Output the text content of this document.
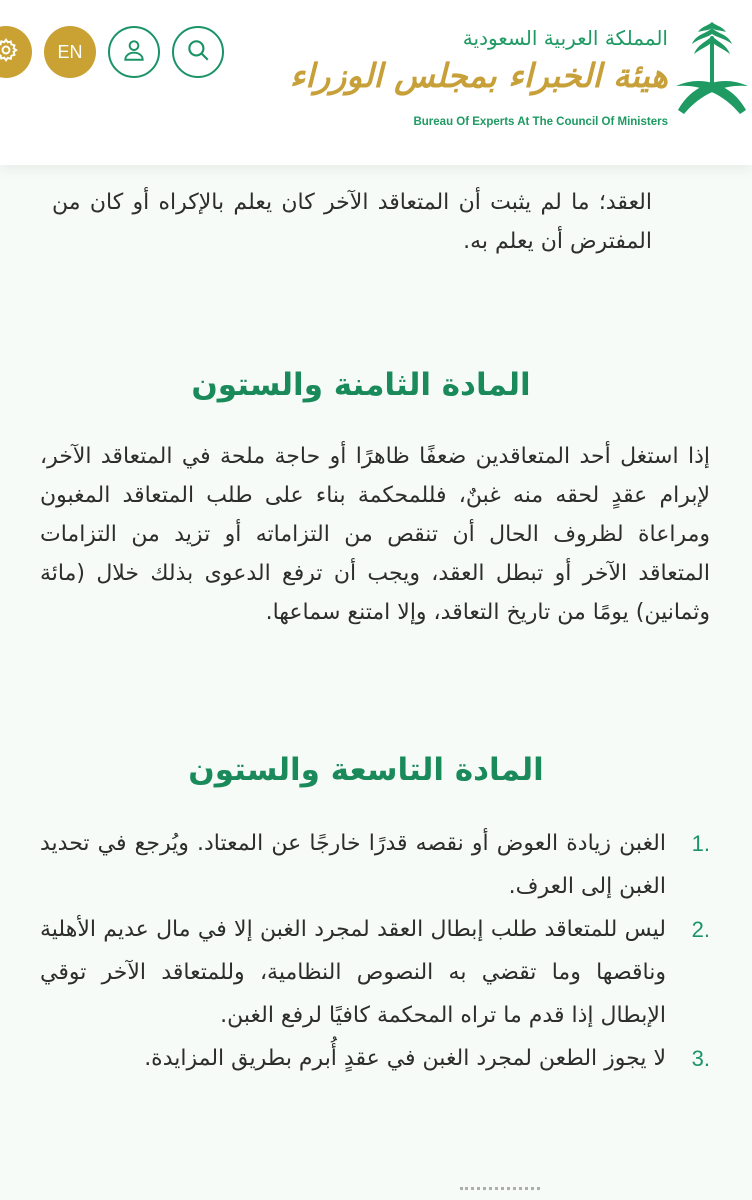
EN
المملكة العربية السعودية
هيئة الخبراء بمجلس الوزراء
Bureau Of Experts At The Council Of Ministers

العقد؛ ما لم يثبت أن المتعاقد الآخر كان يعلم بالإكراه أو كان من المفترض أن يعلم به.

المادة الثامنة والستون

إذا استغل أحد المتعاقدين ضعفًا ظاهرًا أو حاجة ملحة في المتعاقد الآخر، لإبرام عقدٍ لحقه منه غبنٌ، فللمحكمة بناء على طلب المتعاقد المغبون ومراعاة لظروف الحال أن تنقص من التزاماته أو تزيد من التزامات المتعاقد الآخر أو تبطل العقد، ويجب أن ترفع الدعوى بذلك خلال (مائة وثمانين) يومًا من تاريخ التعاقد، وإلا امتنع سماعها.

المادة التاسعة والستون
.1
الغبن زيادة العوض أو نقصه قدرًا خارجًا عن المعتاد. ويُرجع في تحديد الغبن إلى العرف.
.2
ليس للمتعاقد طلب إبطال العقد لمجرد الغبن إلا في مال عديم الأهلية وناقصها وما تقضي به النصوص النظامية، وللمتعاقد الآخر توقي الإبطال إذا قدم ما تراه المحكمة كافيًا لرفع الغبن.
.3
لا يجوز الطعن لمجرد الغبن في عقدٍ أُبرم بطريق المزايدة.
